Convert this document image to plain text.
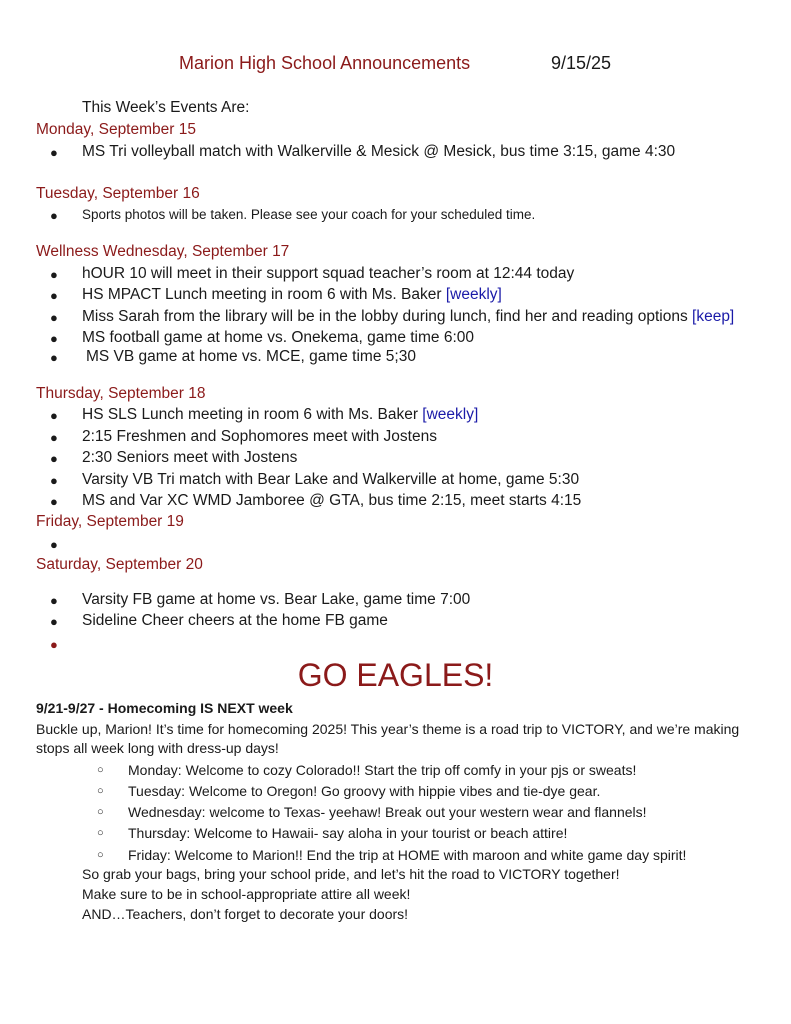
Marion High School Announcements	9/15/25
This Week’s Events Are:
Monday, September 15
● MS Tri volleyball match with Walkerville & Mesick @ Mesick, bus time 3:15, game 4:30
Tuesday, September 16
● Sports photos will be taken. Please see your coach for your scheduled time.
Wellness Wednesday, September 17
● hOUR 10 will meet in their support squad teacher’s room at 12:44 today
● HS MPACT Lunch meeting in room 6 with Ms. Baker [weekly]
● Miss Sarah from the library will be in the lobby during lunch, find her and reading options [keep]
● MS football game at home vs. Onekema, game time 6:00
● MS VB game at home vs. MCE, game time 5;30
Thursday, September 18
● HS SLS Lunch meeting in room 6 with Ms. Baker [weekly]
● 2:15 Freshmen and Sophomores meet with Jostens
● 2:30 Seniors meet with Jostens
● Varsity VB Tri match with Bear Lake and Walkerville at home, game 5:30
● MS and Var XC WMD Jamboree @ GTA, bus time 2:15, meet starts 4:15
Friday, September 19
●
Saturday, September 20
● Varsity FB game at home vs. Bear Lake, game time 7:00
● Sideline Cheer cheers at the home FB game
●
GO EAGLES!
9/21-9/27 - Homecoming IS NEXT week
Buckle up, Marion! It’s time for homecoming 2025! This year’s theme is a road trip to VICTORY, and we’re making stops all week long with dress-up days!
○ Monday: Welcome to cozy Colorado!! Start the trip off comfy in your pjs or sweats!
○ Tuesday: Welcome to Oregon! Go groovy with hippie vibes and tie-dye gear.
○ Wednesday: welcome to Texas- yeehaw! Break out your western wear and flannels!
○ Thursday: Welcome to Hawaii- say aloha in your tourist or beach attire!
○ Friday: Welcome to Marion!! End the trip at HOME with maroon and white game day spirit!
So grab your bags, bring your school pride, and let’s hit the road to VICTORY together!
Make sure to be in school-appropriate attire all week!
AND…Teachers, don’t forget to decorate your doors!
